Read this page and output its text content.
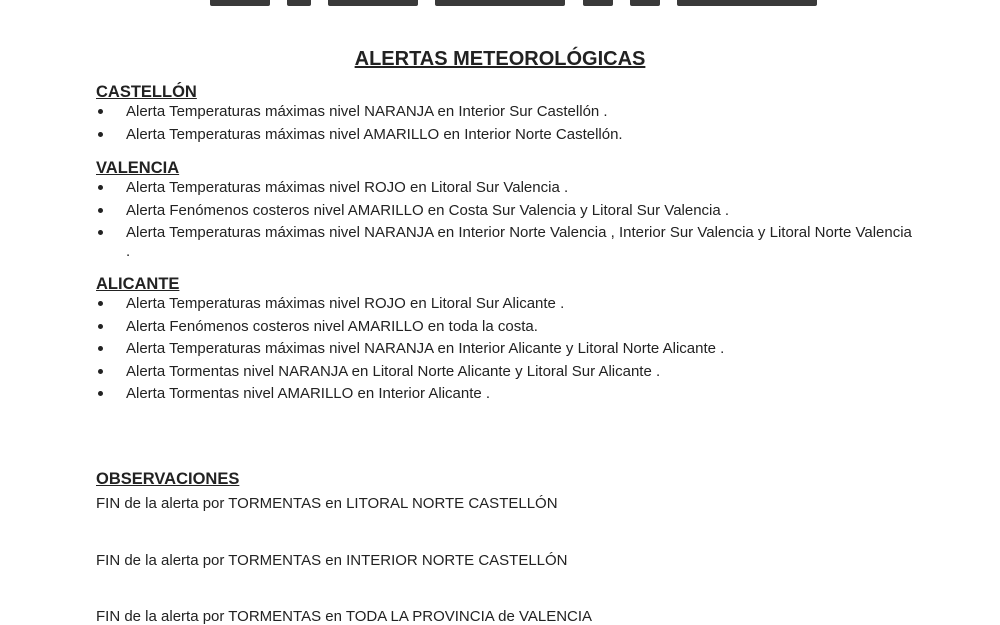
ALERTAS METEOROLÓGICAS
CASTELLÓN
Alerta Temperaturas máximas nivel NARANJA en Interior Sur Castellón .
Alerta Temperaturas máximas nivel AMARILLO en Interior Norte Castellón.
VALENCIA
Alerta Temperaturas máximas nivel ROJO en Litoral Sur Valencia .
Alerta Fenómenos costeros nivel AMARILLO en Costa Sur Valencia y Litoral Sur Valencia .
Alerta Temperaturas máximas nivel NARANJA en Interior Norte Valencia , Interior Sur Valencia y Litoral Norte Valencia .
ALICANTE
Alerta Temperaturas máximas nivel ROJO en Litoral Sur Alicante .
Alerta Fenómenos costeros nivel AMARILLO en toda la costa.
Alerta Temperaturas máximas nivel NARANJA en Interior Alicante y Litoral Norte Alicante .
Alerta Tormentas nivel NARANJA en Litoral Norte Alicante y Litoral Sur Alicante .
Alerta Tormentas nivel AMARILLO en Interior Alicante .
OBSERVACIONES
FIN de la alerta por TORMENTAS en LITORAL NORTE CASTELLÓN
FIN de la alerta por TORMENTAS en INTERIOR NORTE CASTELLÓN
FIN de la alerta por TORMENTAS en TODA LA PROVINCIA de VALENCIA
